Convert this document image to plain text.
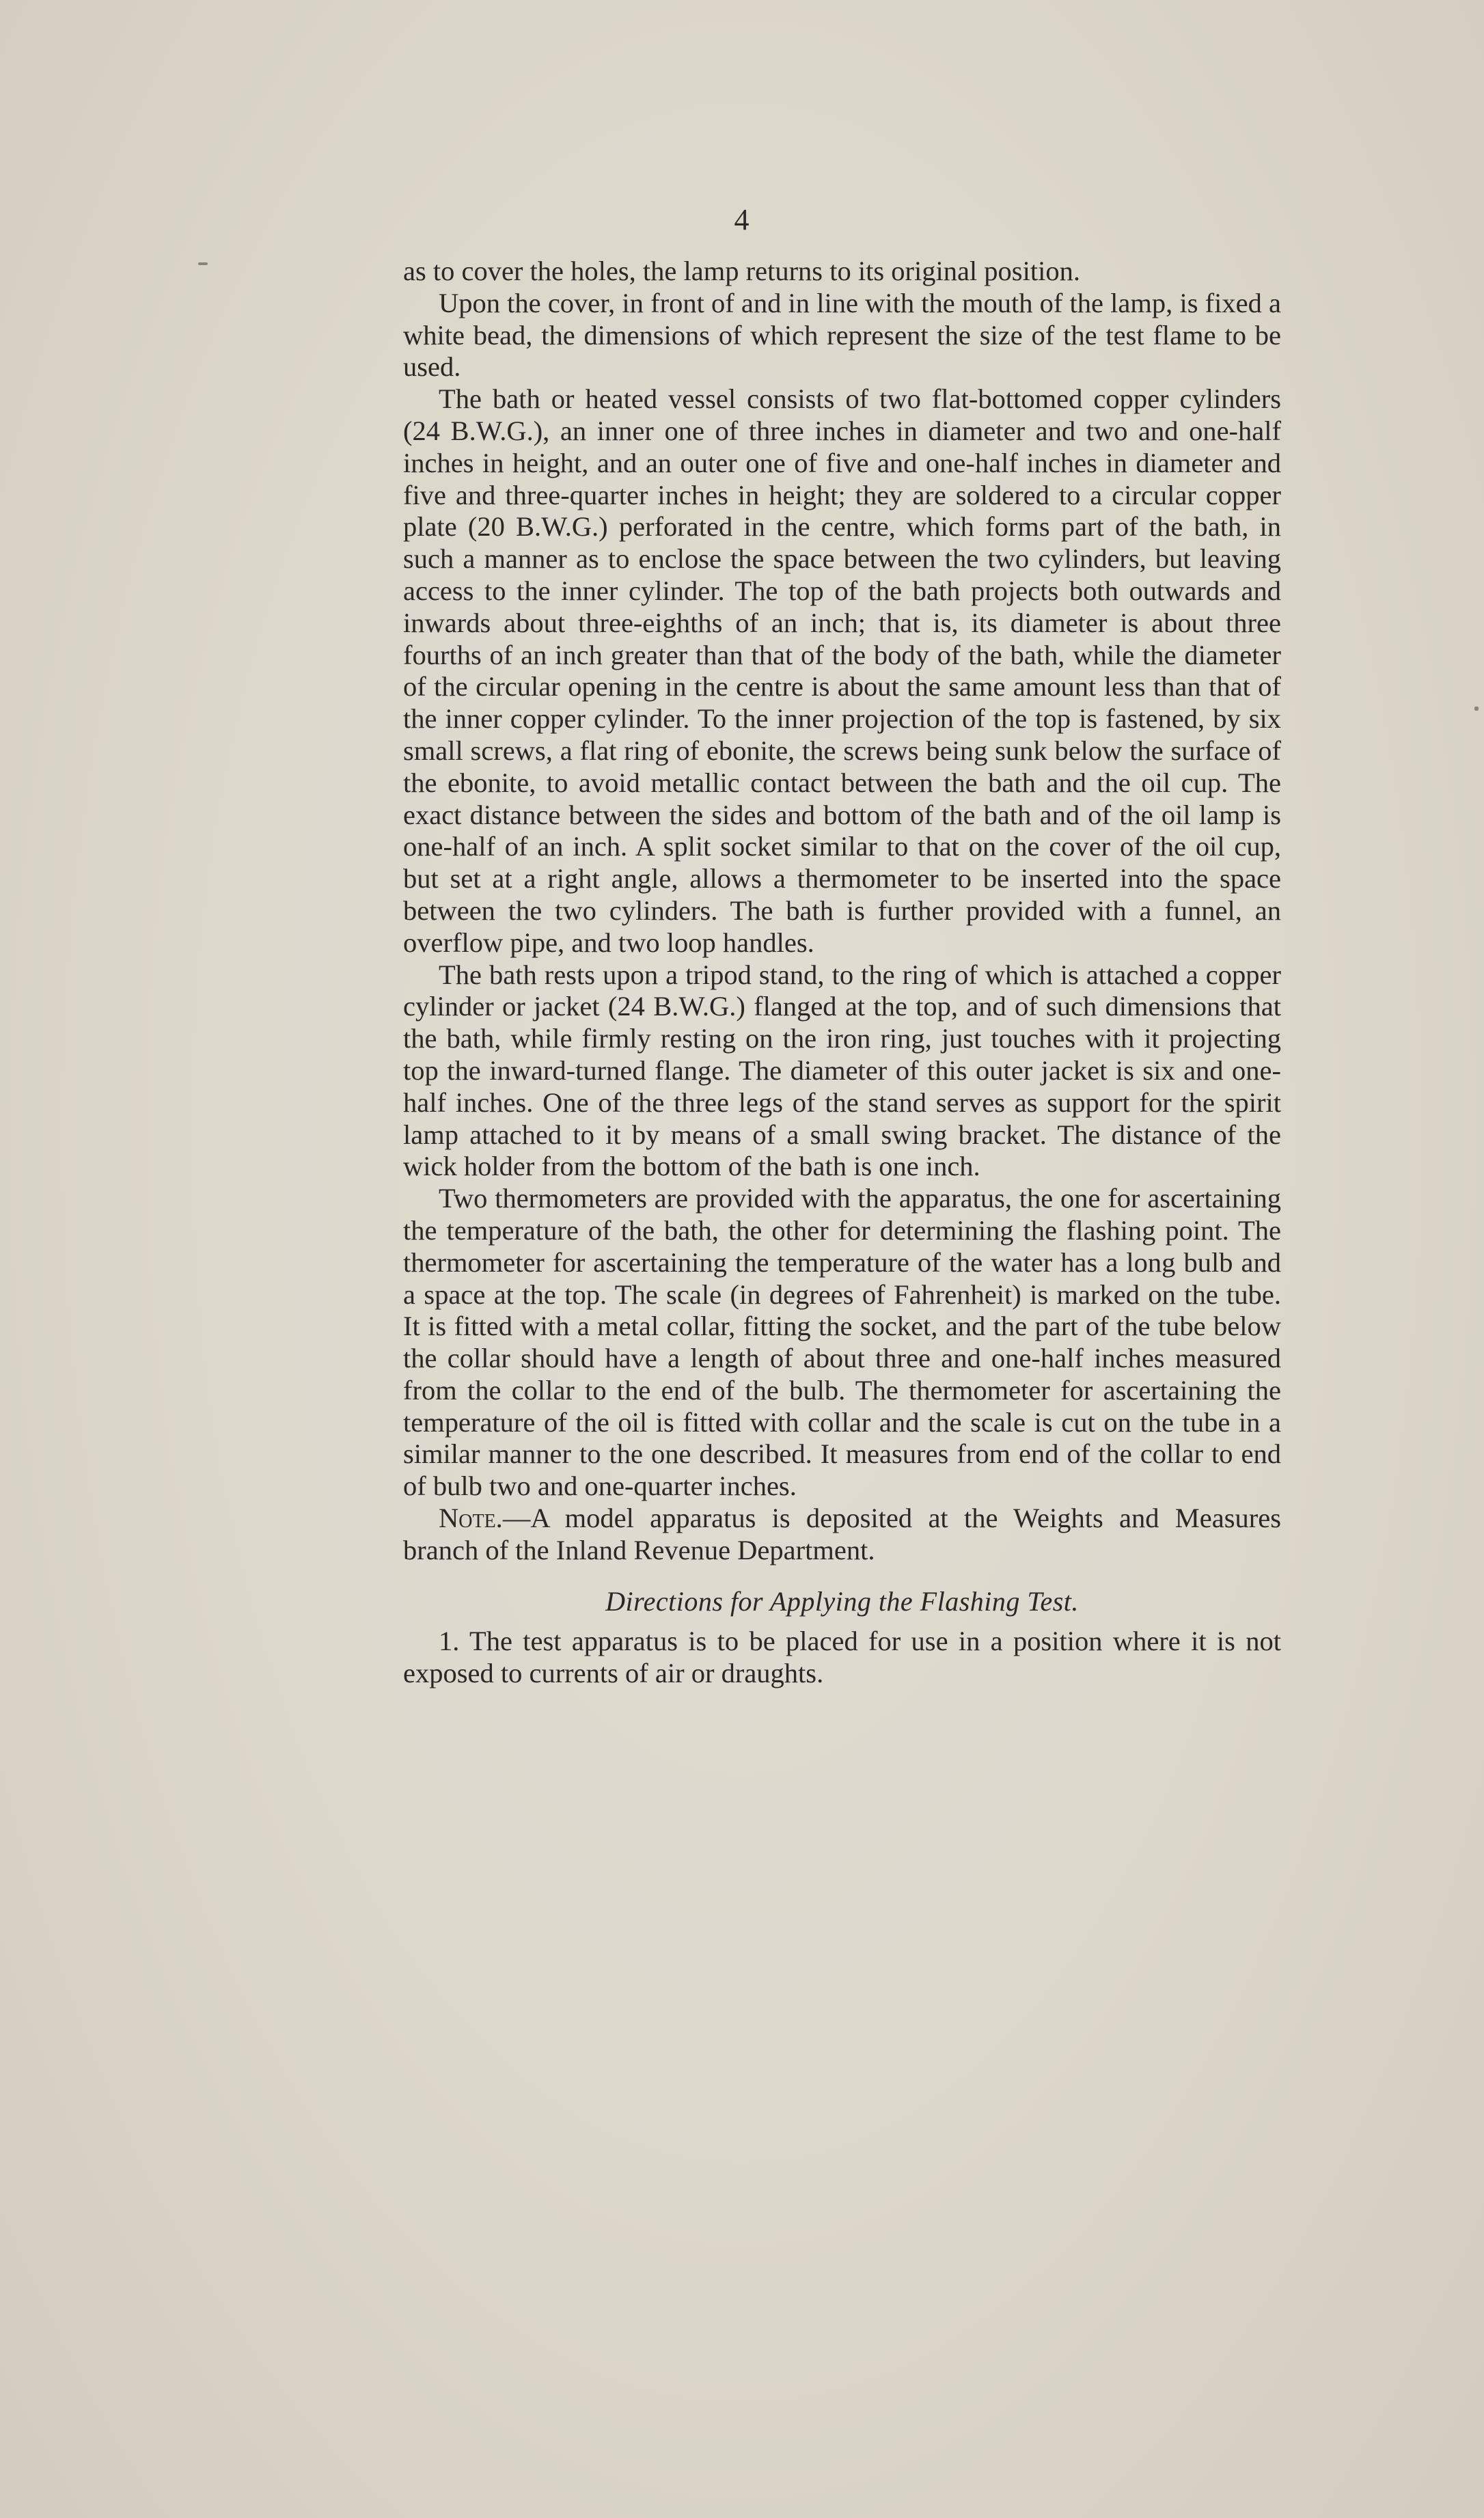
4

as to cover the holes, the lamp returns to its original position.

Upon the cover, in front of and in line with the mouth of the lamp, is fixed a white bead, the dimensions of which represent the size of the test flame to be used.

The bath or heated vessel consists of two flat-bottomed copper cylinders (24 B.W.G.), an inner one of three inches in diameter and two and one-half inches in height, and an outer one of five and one-half inches in diameter and five and three-quarter inches in height; they are soldered to a circular copper plate (20 B.W.G.) perforated in the centre, which forms part of the bath, in such a manner as to enclose the space between the two cylinders, but leaving access to the inner cylinder. The top of the bath projects both outwards and inwards about three-eighths of an inch; that is, its diameter is about three fourths of an inch greater than that of the body of the bath, while the diameter of the circular opening in the centre is about the same amount less than that of the inner copper cylinder. To the inner projection of the top is fastened, by six small screws, a flat ring of ebonite, the screws being sunk below the surface of the ebonite, to avoid metallic contact between the bath and the oil cup. The exact distance between the sides and bottom of the bath and of the oil lamp is one-half of an inch. A split socket similar to that on the cover of the oil cup, but set at a right angle, allows a thermometer to be inserted into the space between the two cylinders. The bath is further provided with a funnel, an overflow pipe, and two loop handles.

The bath rests upon a tripod stand, to the ring of which is attached a copper cylinder or jacket (24 B.W.G.) flanged at the top, and of such dimensions that the bath, while firmly resting on the iron ring, just touches with it projecting top the inward-turned flange. The diameter of this outer jacket is six and one-half inches. One of the three legs of the stand serves as support for the spirit lamp attached to it by means of a small swing bracket. The distance of the wick holder from the bottom of the bath is one inch.

Two thermometers are provided with the apparatus, the one for ascertaining the temperature of the bath, the other for determining the flashing point. The thermometer for ascertaining the temperature of the water has a long bulb and a space at the top. The scale (in degrees of Fahrenheit) is marked on the tube. It is fitted with a metal collar, fitting the socket, and the part of the tube below the collar should have a length of about three and one-half inches measured from the collar to the end of the bulb. The thermometer for ascertaining the temperature of the oil is fitted with collar and the scale is cut on the tube in a similar manner to the one described. It measures from end of the collar to end of bulb two and one-quarter inches.

Note.—A model apparatus is deposited at the Weights and Measures branch of the Inland Revenue Department.

Directions for Applying the Flashing Test.

1. The test apparatus is to be placed for use in a position where it is not exposed to currents of air or draughts.
